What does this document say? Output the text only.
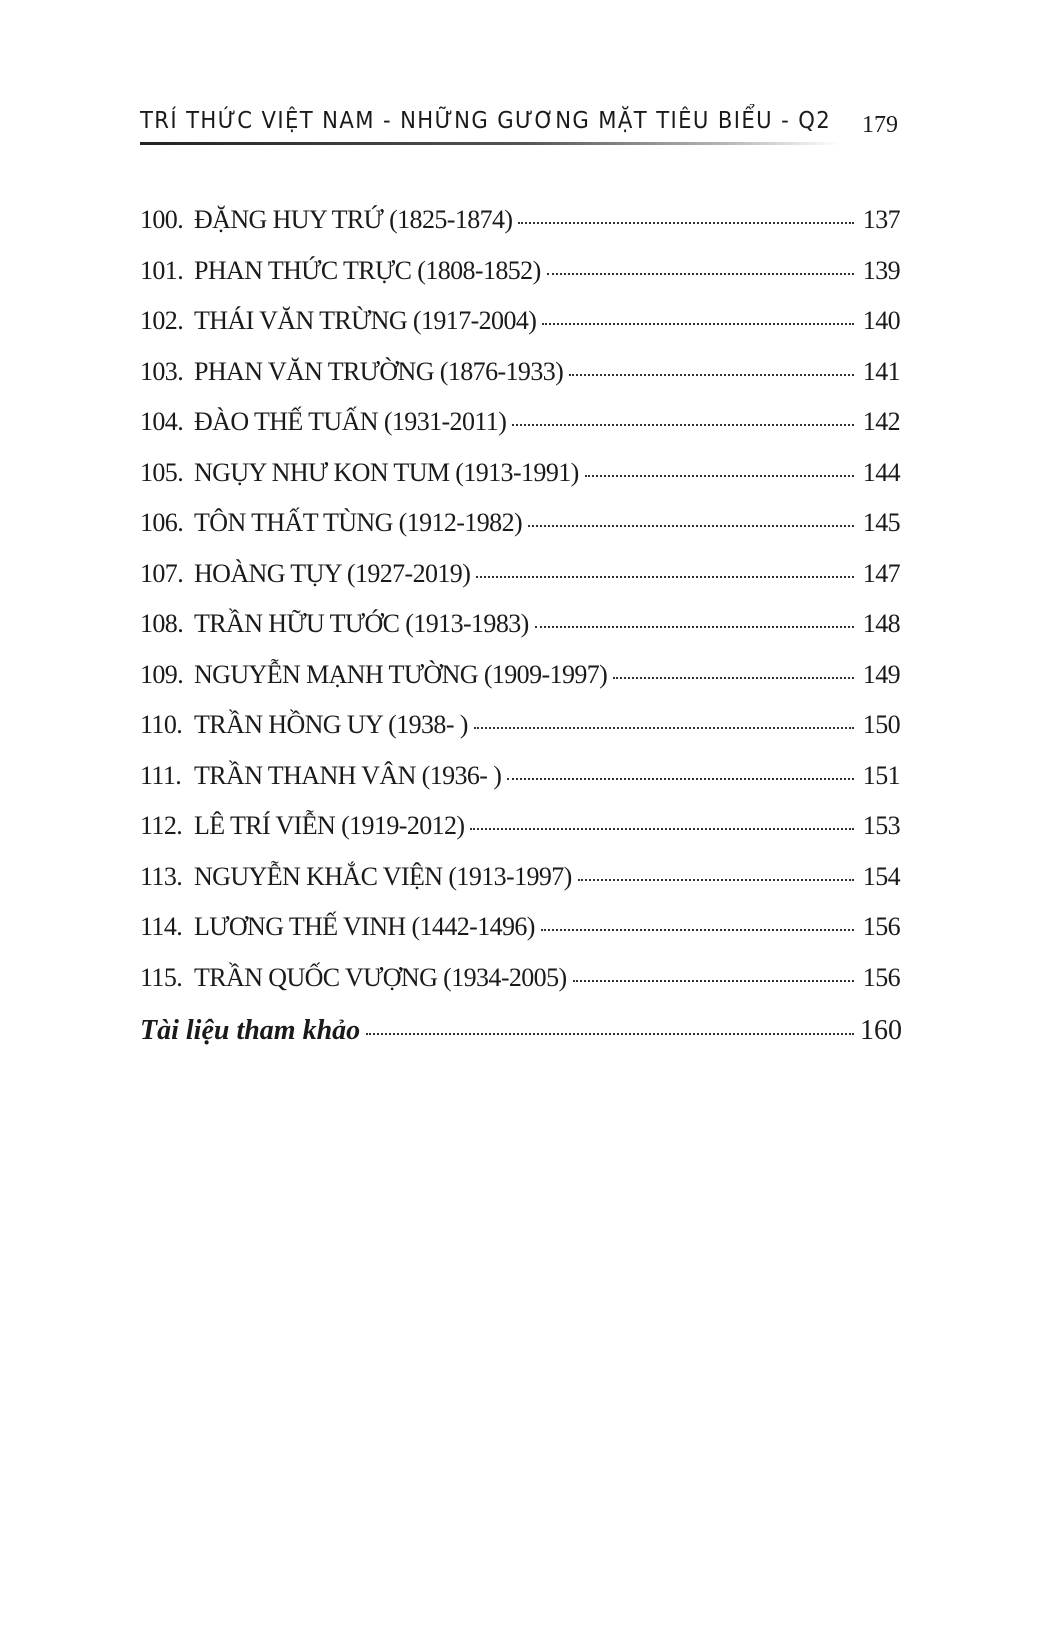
TRÍ THỨC VIỆT NAM - NHỮNG GƯƠNG MẶT TIÊU BIỂU - Q2 179
100. ĐẶNG HUY TRỨ (1825-1874)	137
101. PHAN THỨC TRỰC (1808-1852)	139
102. THÁI VĂN TRỪNG (1917-2004)	140
103. PHAN VĂN TRƯỜNG (1876-1933)	141
104. ĐÀO THẾ TUẤN (1931-2011)	142
105. NGỤY NHƯ KON TUM (1913-1991)	144
106. TÔN THẤT TÙNG (1912-1982)	145
107. HOÀNG TỤY (1927-2019)	147
108. TRẦN HỮU TƯỚC (1913-1983)	148
109. NGUYỄN MẠNH TƯỜNG (1909-1997)	149
110. TRẦN HỒNG UY (1938- )	150
111. TRẦN THANH VÂN (1936- )	151
112. LÊ TRÍ VIỄN (1919-2012)	153
113. NGUYỄN KHẮC VIỆN (1913-1997)	154
114. LƯƠNG THẾ VINH (1442-1496)	156
115. TRẦN QUỐC VƯỢNG (1934-2005)	156
Tài liệu tham khảo	160
